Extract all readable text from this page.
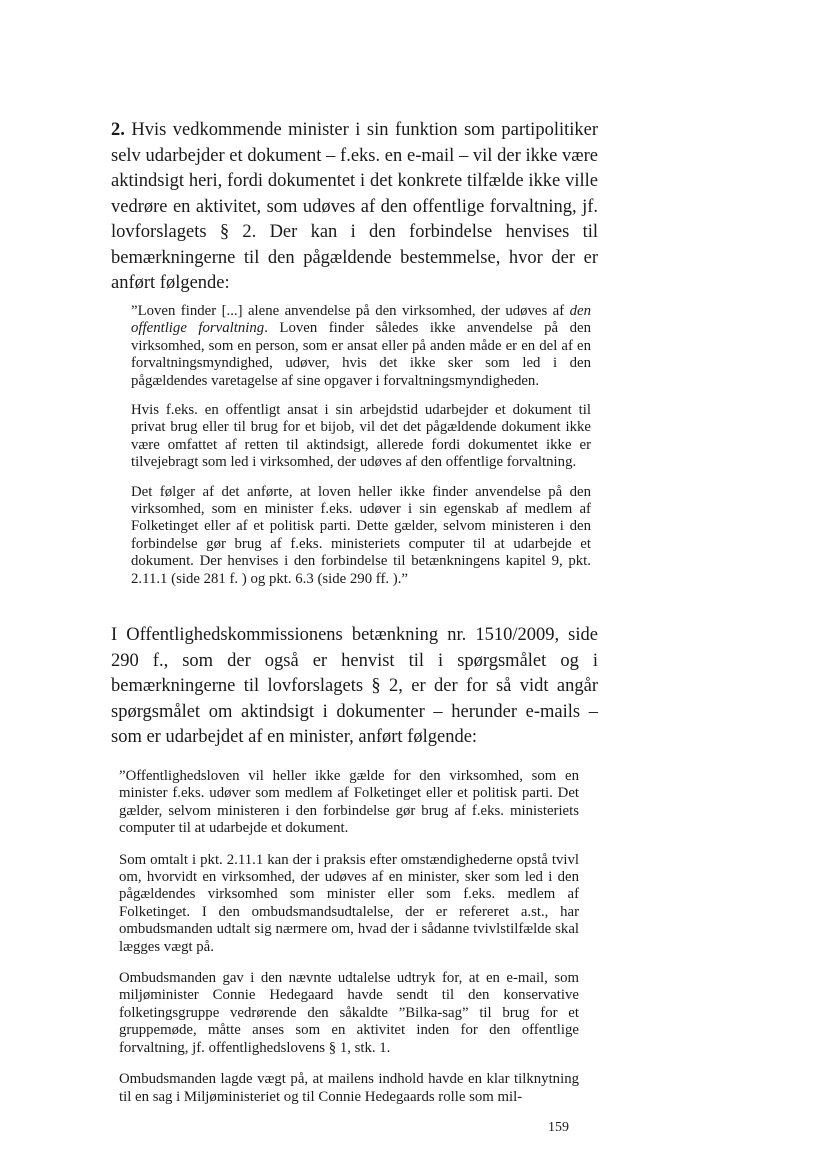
2. Hvis vedkommende minister i sin funktion som partipolitiker selv udarbejder et dokument – f.eks. en e-mail – vil der ikke være aktindsigt heri, fordi dokumentet i det konkrete tilfælde ikke ville vedrøre en aktivitet, som udøves af den offentlige forvaltning, jf. lovforslagets § 2. Der kan i den forbindelse henvises til bemærkningerne til den pågældende bestemmelse, hvor der er anført følgende:

”Loven finder [...] alene anvendelse på den virksomhed, der udøves af den offentlige forvaltning. Loven finder således ikke anvendelse på den virksomhed, som en person, som er ansat eller på anden måde er en del af en forvaltningsmyndighed, udøver, hvis det ikke sker som led i den pågældendes varetagelse af sine opgaver i forvaltningsmyndigheden.

Hvis f.eks. en offentligt ansat i sin arbejdstid udarbejder et dokument til privat brug eller til brug for et bijob, vil det det pågældende dokument ikke være omfattet af retten til aktindsigt, allerede fordi dokumentet ikke er tilvejebragt som led i virksomhed, der udøves af den offentlige forvaltning.

Det følger af det anførte, at loven heller ikke finder anvendelse på den virksomhed, som en minister f.eks. udøver i sin egenskab af medlem af Folketinget eller af et politisk parti. Dette gælder, selvom ministeren i den forbindelse gør brug af f.eks. ministeriets computer til at udarbejde et dokument. Der henvises i den forbindelse til betænkningens kapitel 9, pkt. 2.11.1 (side 281 f. ) og pkt. 6.3 (side 290 ff. ).”

I Offentlighedskommissionens betænkning nr. 1510/2009, side 290 f., som der også er henvist til i spørgsmålet og i bemærkningerne til lovforslagets § 2, er der for så vidt angår spørgsmålet om aktindsigt i dokumenter – herunder e-mails – som er udarbejdet af en minister, anført følgende:

”Offentlighedsloven vil heller ikke gælde for den virksomhed, som en minister f.eks. udøver som medlem af Folketinget eller et politisk parti. Det gælder, selvom ministeren i den forbindelse gør brug af f.eks. ministeriets computer til at udarbejde et dokument.

Som omtalt i pkt. 2.11.1 kan der i praksis efter omstændighederne opstå tvivl om, hvorvidt en virksomhed, der udøves af en minister, sker som led i den pågældendes virksomhed som minister eller som f.eks. medlem af Folketinget. I den ombudsmandsudtalelse, der er refereret a.st., har ombudsmanden udtalt sig nærmere om, hvad der i sådanne tvivlstilfælde skal lægges vægt på.

Ombudsmanden gav i den nævnte udtalelse udtryk for, at en e-mail, som miljøminister Connie Hedegaard havde sendt til den konservative folketingsgruppe vedrørende den såkaldte ”Bilka-sag” til brug for et gruppemøde, måtte anses som en aktivitet inden for den offentlige forvaltning, jf. offentlighedslovens § 1, stk. 1.

Ombudsmanden lagde vægt på, at mailens indhold havde en klar tilknytning til en sag i Miljøministeriet og til Connie Hedegaards rolle som mil-

159
